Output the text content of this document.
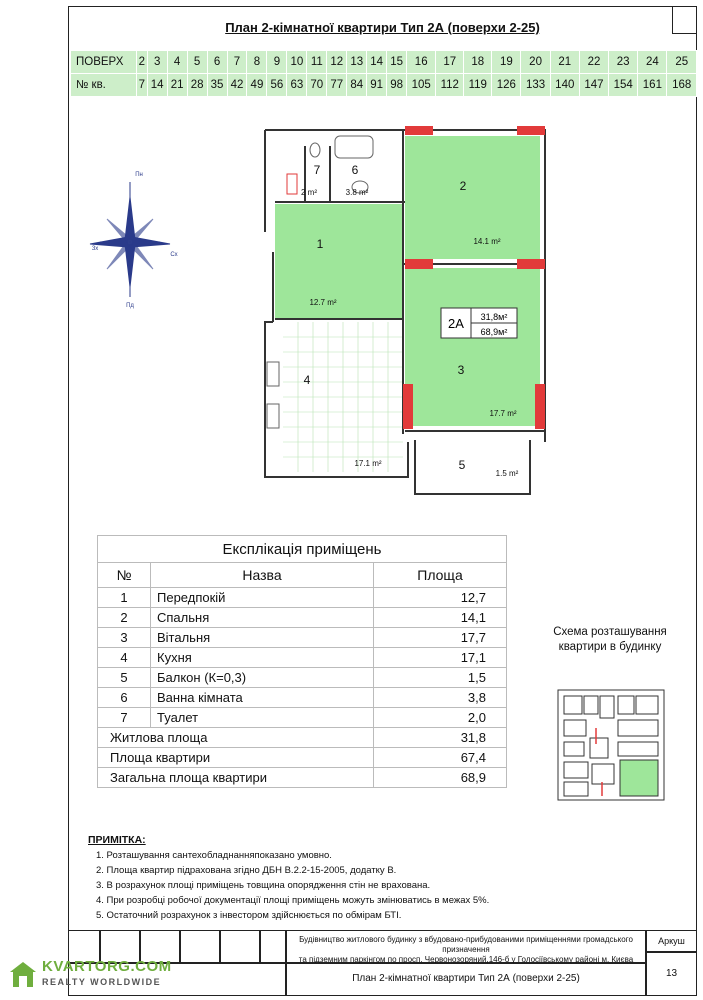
План 2-кімнатної квартири Тип 2А (поверхи 2-25)
ПОВЕРХ	2	3	4	5	6	7	8	9	10	11	12	13	14	15	16	17	18	19	20	21	22	23	24	25
№ кв.	7	14	21	28	35	42	49	56	63	70	77	84	91	98	105	112	119	126	133	140	147	154	161	168
7
2 m²
6
3.8 m²	2
14.1 m²
1
12.7 m²
4
17.1 m²
3
17.7 m²
5
1.5 m²
2А 31,8м²
68,9м²
Пн
Пд
Зх
Сх
Експлікація приміщень		
№	Назва	Площа
1	Передпокій	12,7
2	Спальня	14,1
3	Вітальня	17,7
4	Кухня	17,1
5	Балкон (К=0,3)	1,5
6	Ванна кімната	3,8
7	Туалет	2,0
Житлова площа		31,8
Площа квартири		67,4
Загальна площа квартири		68,9
Схема розташування
квартири в будинку
ПРИМІТКА:
1. Розташування сантехобладнанняпоказано умовно.
2. Площа квартир підрахована згідно ДБН В.2.2-15-2005, додатку В.
3. В розрахунок площі приміщень товщина опорядження стін не врахована.
4. При розробці робочої документації площі приміщень можуть змінюватись в межах 5%.
5. Остаточний розрахунок з інвестором здійснюється по обмірам БТІ.
Будівництво житлового будинку з вбудовано-прибудованими приміщеннями громадського призначення
та підземним паркінгом по просп. Червонозоряний,146-б у Голосіївському районі м. Києва
План 2-кімнатної квартири Тип 2А (поверхи 2-25)
Аркуш
13
KVARTORG.COM
REALTY WORLDWIDE
